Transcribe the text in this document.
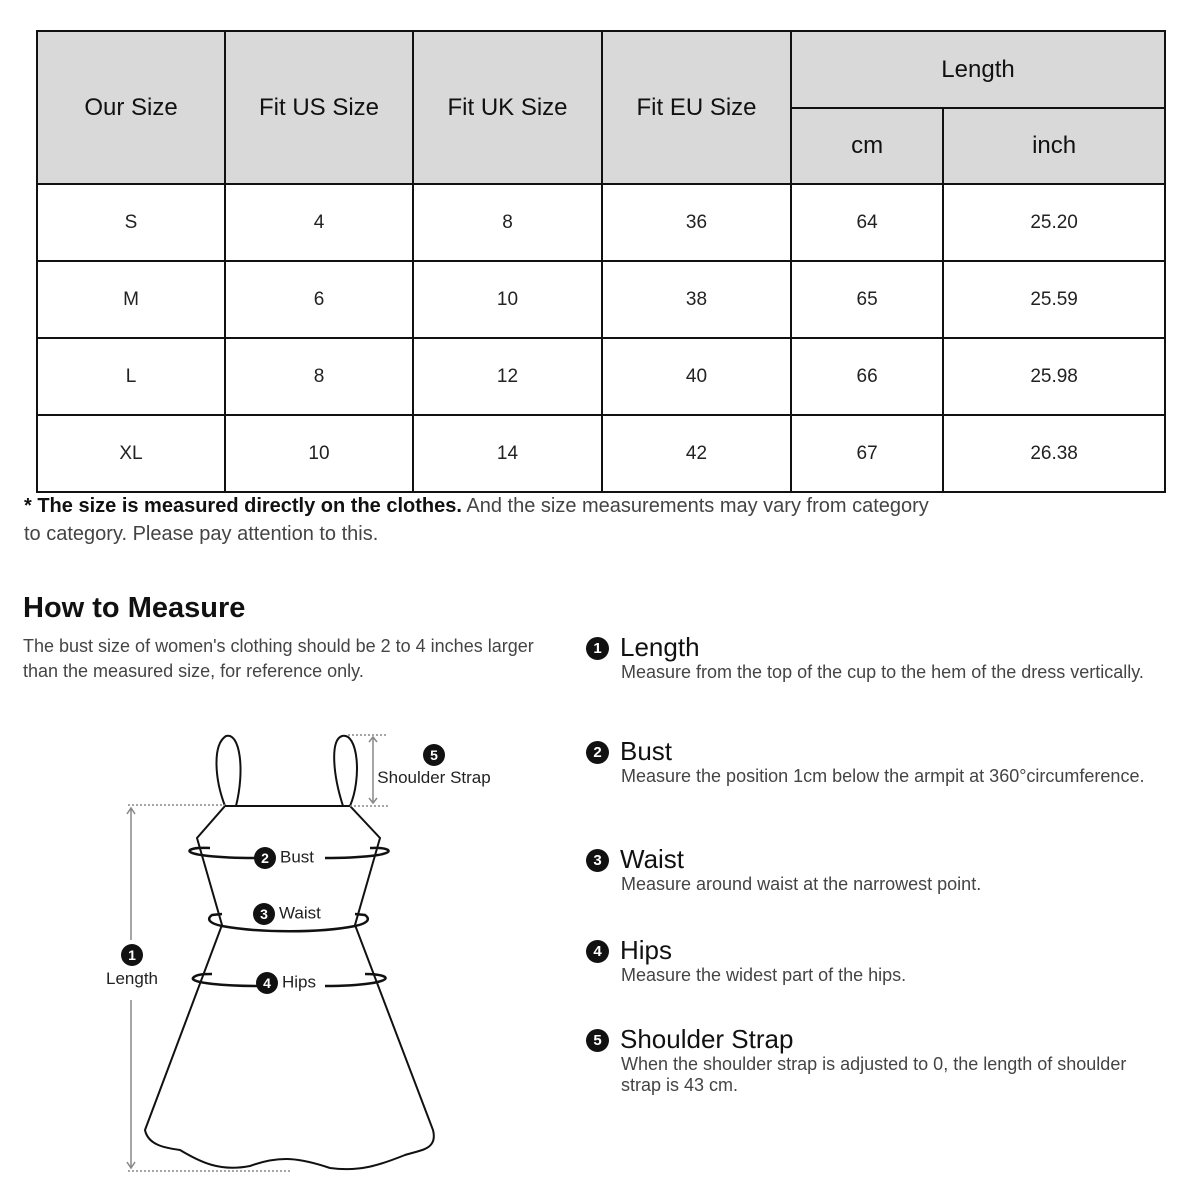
Our Size	Fit US Size	Fit UK Size	Fit EU Size	Length	
				cm	inch
S	4	8	36	64	25.20
M	6	10	38	65	25.59
L	8	12	40	66	25.98
XL	10	14	42	67	26.38
* The size is measured directly on the clothes. And the size measurements may vary from category to category. Please pay attention to this.
How to Measure
The bust size of women's clothing should be 2 to 4 inches larger than the measured size, for reference only.
1
Length
2 Bust
3 Waist
4 Hips
5
Shoulder Strap
1 Length
Measure from the top of the cup to the hem of the dress vertically.
2 Bust
Measure the position 1cm below the armpit at 360°circumference.
3 Waist
Measure around waist at the narrowest point.
4 Hips
Measure the widest part of the hips.
5 Shoulder Strap
When the shoulder strap is adjusted to 0, the length of shoulder strap is 43 cm.
